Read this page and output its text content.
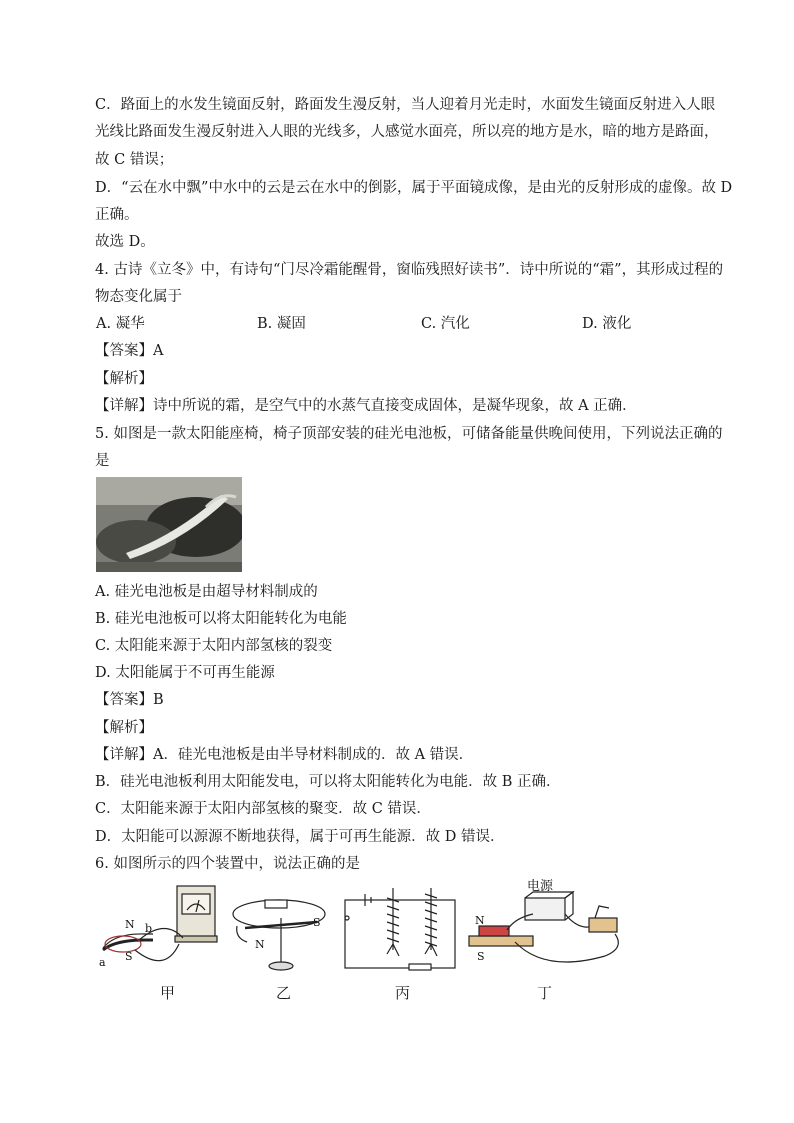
C．路面上的水发生镜面反射，路面发生漫反射，当人迎着月光走时，水面发生镜面反射进入人眼
光线比路面发生漫反射进入人眼的光线多，人感觉水面亮，所以亮的地方是水，暗的地方是路面，
故 C 错误；
D．“云在水中飘”中水中的云是云在水中的倒影，属于平面镜成像，是由光的反射形成的虚像。故 D
正确。
故选 D。
4. 古诗《立冬》中，有诗句“门尽冷霜能醒骨，窗临残照好读书”．诗中所说的“霜”，其形成过程的
物态变化属于
A. 凝华	B. 凝固	C. 汽化	D. 液化
【答案】A
【解析】
【详解】诗中所说的霜，是空气中的水蒸气直接变成固体，是凝华现象，故 A 正确．
5. 如图是一款太阳能座椅，椅子顶部安装的硅光电池板，可储备能量供晚间使用，下列说法正确的
是
A. 硅光电池板是由超导材料制成的
B. 硅光电池板可以将太阳能转化为电能
C. 太阳能来源于太阳内部氢核的裂变
D. 太阳能属于不可再生能源
【答案】B
【解析】
【详解】A．硅光电池板是由半导材料制成的．故 A 错误．
B．硅光电池板利用太阳能发电，可以将太阳能转化为电能．故 B 正确．
C．太阳能来源于太阳内部氢核的聚变．故 C 错误．
D．太阳能可以源源不断地获得，属于可再生能源．故 D 错误．
6. 如图所示的四个装置中，说法正确的是
N b
S
a
S
N
电源
N
S
甲	乙	丙	丁
